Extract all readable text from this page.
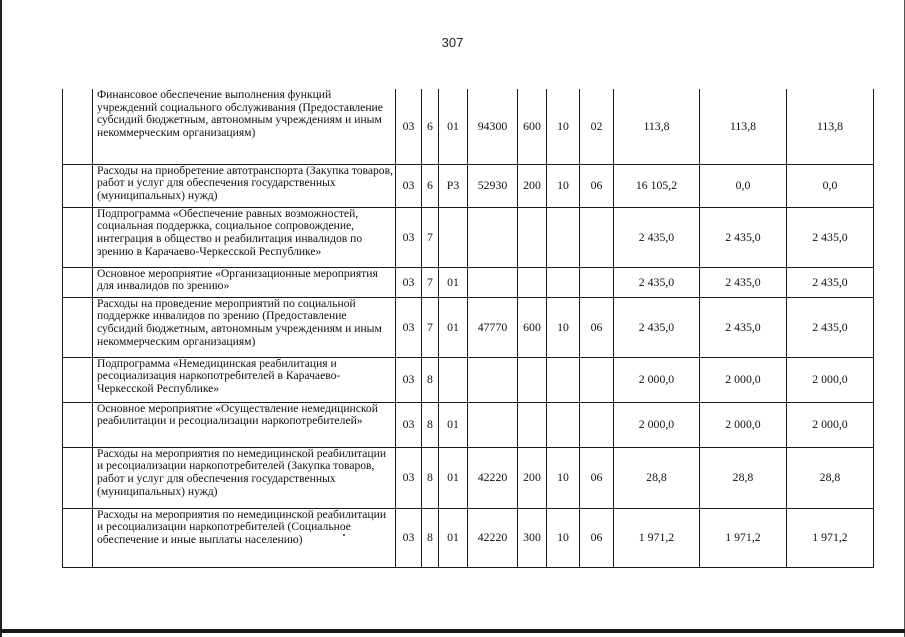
307
	Финансовое обеспечение выполнения функций учреждений социального обслуживания (Предоставление субсидий бюджетным, автономным учреждениям и иным некоммерческим организациям)	03	6	01	94300	600	10	02	113,8	113,8	113,8
	Расходы на приобретение автотранспорта (Закупка товаров, работ и услуг для обеспечения государственных (муниципальных) нужд)	03	6	P3	52930	200	10	06	16 105,2	0,0	0,0
	Подпрограмма «Обеспечение равных возможностей, социальная поддержка, социальное сопровождение, интеграция в общество и реабилитация инвалидов по зрению в Карачаево-Черкесской Республике»	03	7						2 435,0	2 435,0	2 435,0
	Основное мероприятие «Организационные мероприятия для инвалидов по зрению»	03	7	01					2 435,0	2 435,0	2 435,0
	Расходы на проведение мероприятий по социальной поддержке инвалидов по зрению (Предоставление субсидий бюджетным, автономным учреждениям и иным некоммерческим организациям)	03	7	01	47770	600	10	06	2 435,0	2 435,0	2 435,0
	Подпрограмма «Немедицинская реабилитация и ресоциализация наркопотребителей в Карачаево-Черкесской Республике»	03	8						2 000,0	2 000,0	2 000,0
	Основное мероприятие «Осуществление немедицинской реабилитации и ресоциализации наркопотребителей»	03	8	01					2 000,0	2 000,0	2 000,0
	Расходы на мероприятия по немедицинской реабилитации и ресоциализации наркопотребителей (Закупка товаров, работ и услуг для обеспечения государственных (муниципальных) нужд)	03	8	01	42220	200	10	06	28,8	28,8	28,8
	Расходы на мероприятия по немедицинской реабилитации и ресоциализации наркопотребителей (Социальное обеспечение и иные выплаты населению)	03	8	01	42220	300	10	06	1 971,2	1 971,2	1 971,2
